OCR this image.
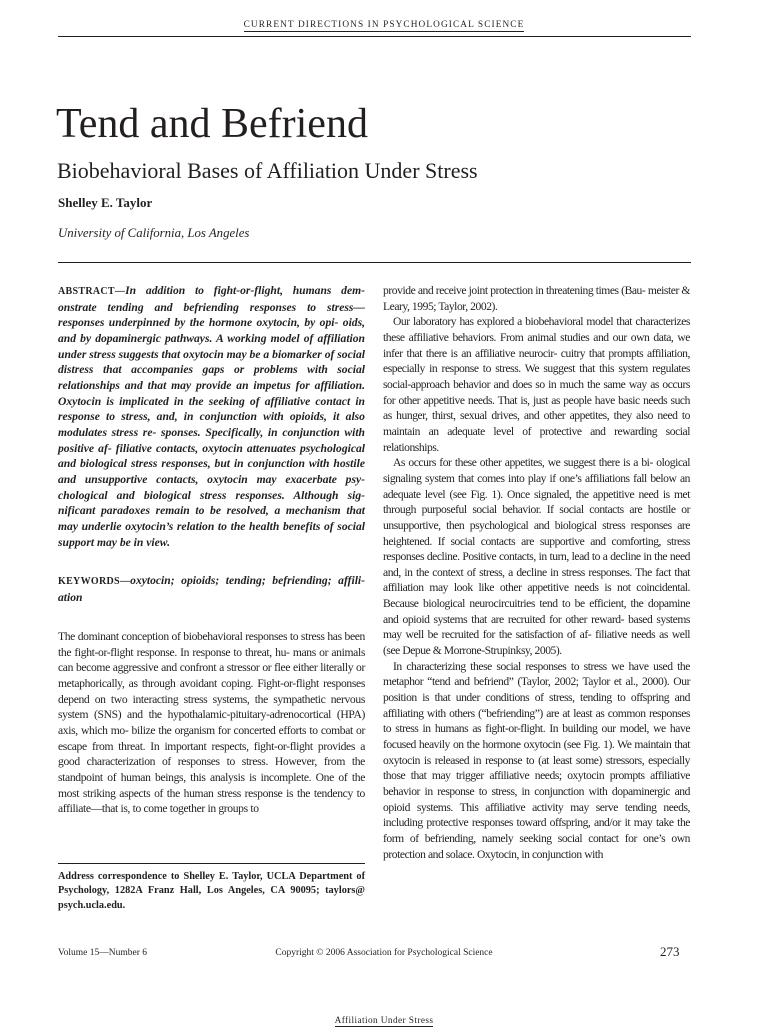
CURRENT DIRECTIONS IN PSYCHOLOGICAL SCIENCE
Tend and Befriend
Biobehavioral Bases of Affiliation Under Stress
Shelley E. Taylor
University of California, Los Angeles

ABSTRACT—In addition to fight-or-flight, humans dem- onstrate tending and befriending responses to stress— responses underpinned by the hormone oxytocin, by opi- oids, and by dopaminergic pathways. A working model of affiliation under stress suggests that oxytocin may be a biomarker of social distress that accompanies gaps or problems with social relationships and that may provide an impetus for affiliation. Oxytocin is implicated in the seeking of affiliative contact in response to stress, and, in conjunction with opioids, it also modulates stress re- sponses. Specifically, in conjunction with positive af- filiative contacts, oxytocin attenuates psychological and biological stress responses, but in conjunction with hostile and unsupportive contacts, oxytocin may exacerbate psy- chological and biological stress responses. Although sig- nificant paradoxes remain to be resolved, a mechanism that may underlie oxytocin’s relation to the health benefits of social support may be in view.

KEYWORDS—oxytocin; opioids; tending; befriending; affili- ation

The dominant conception of biobehavioral responses to stress has been the fight-or-flight response. In response to threat, hu- mans or animals can become aggressive and confront a stressor or flee either literally or metaphorically, as through avoidant coping. Fight-or-flight responses depend on two interacting stress systems, the sympathetic nervous system (SNS) and the hypothalamic-pituitary-adrenocortical (HPA) axis, which mo- bilize the organism for concerted efforts to combat or escape from threat. In important respects, fight-or-flight provides a good characterization of responses to stress. However, from the standpoint of human beings, this analysis is incomplete. One of the most striking aspects of the human stress response is the tendency to affiliate—that is, to come together in groups to

provide and receive joint protection in threatening times (Bau- meister & Leary, 1995; Taylor, 2002).

Our laboratory has explored a biobehavioral model that characterizes these affiliative behaviors. From animal studies and our own data, we infer that there is an affiliative neurocir- cuitry that prompts affiliation, especially in response to stress. We suggest that this system regulates social-approach behavior and does so in much the same way as occurs for other appetitive needs. That is, just as people have basic needs such as hunger, thirst, sexual drives, and other appetites, they also need to maintain an adequate level of protective and rewarding social relationships.

As occurs for these other appetites, we suggest there is a bi- ological signaling system that comes into play if one’s affiliations fall below an adequate level (see Fig. 1). Once signaled, the appetitive need is met through purposeful social behavior. If social contacts are hostile or unsupportive, then psychological and biological stress responses are heightened. If social contacts are supportive and comforting, stress responses decline. Positive contacts, in turn, lead to a decline in the need and, in the context of stress, a decline in stress responses. The fact that affiliation may look like other appetitive needs is not coincidental. Because biological neurocircuitries tend to be efficient, the dopamine and opioid systems that are recruited for other reward- based systems may well be recruited for the satisfaction of af- filiative needs as well (see Depue & Morrone-Strupinksy, 2005).

In characterizing these social responses to stress we have used the metaphor “tend and befriend” (Taylor, 2002; Taylor et al., 2000). Our position is that under conditions of stress, tending to offspring and affiliating with others (“befriending”) are at least as common responses to stress in humans as fight-or-flight. In building our model, we have focused heavily on the hormone oxytocin (see Fig. 1). We maintain that oxytocin is released in response to (at least some) stressors, especially those that may trigger affiliative needs; oxytocin prompts affiliative behavior in response to stress, in conjunction with dopaminergic and opioid systems. This affiliative activity may serve tending needs, including protective responses toward offspring, and/or it may take the form of befriending, namely seeking social contact for one’s own protection and solace. Oxytocin, in conjunction with

Address correspondence to Shelley E. Taylor, UCLA Department of Psychology, 1282A Franz Hall, Los Angeles, CA 90095; taylors@ psych.ucla.edu.
Volume 15—Number 6	Copyright © 2006 Association for Psychological Science	273
Affiliation Under Stress
